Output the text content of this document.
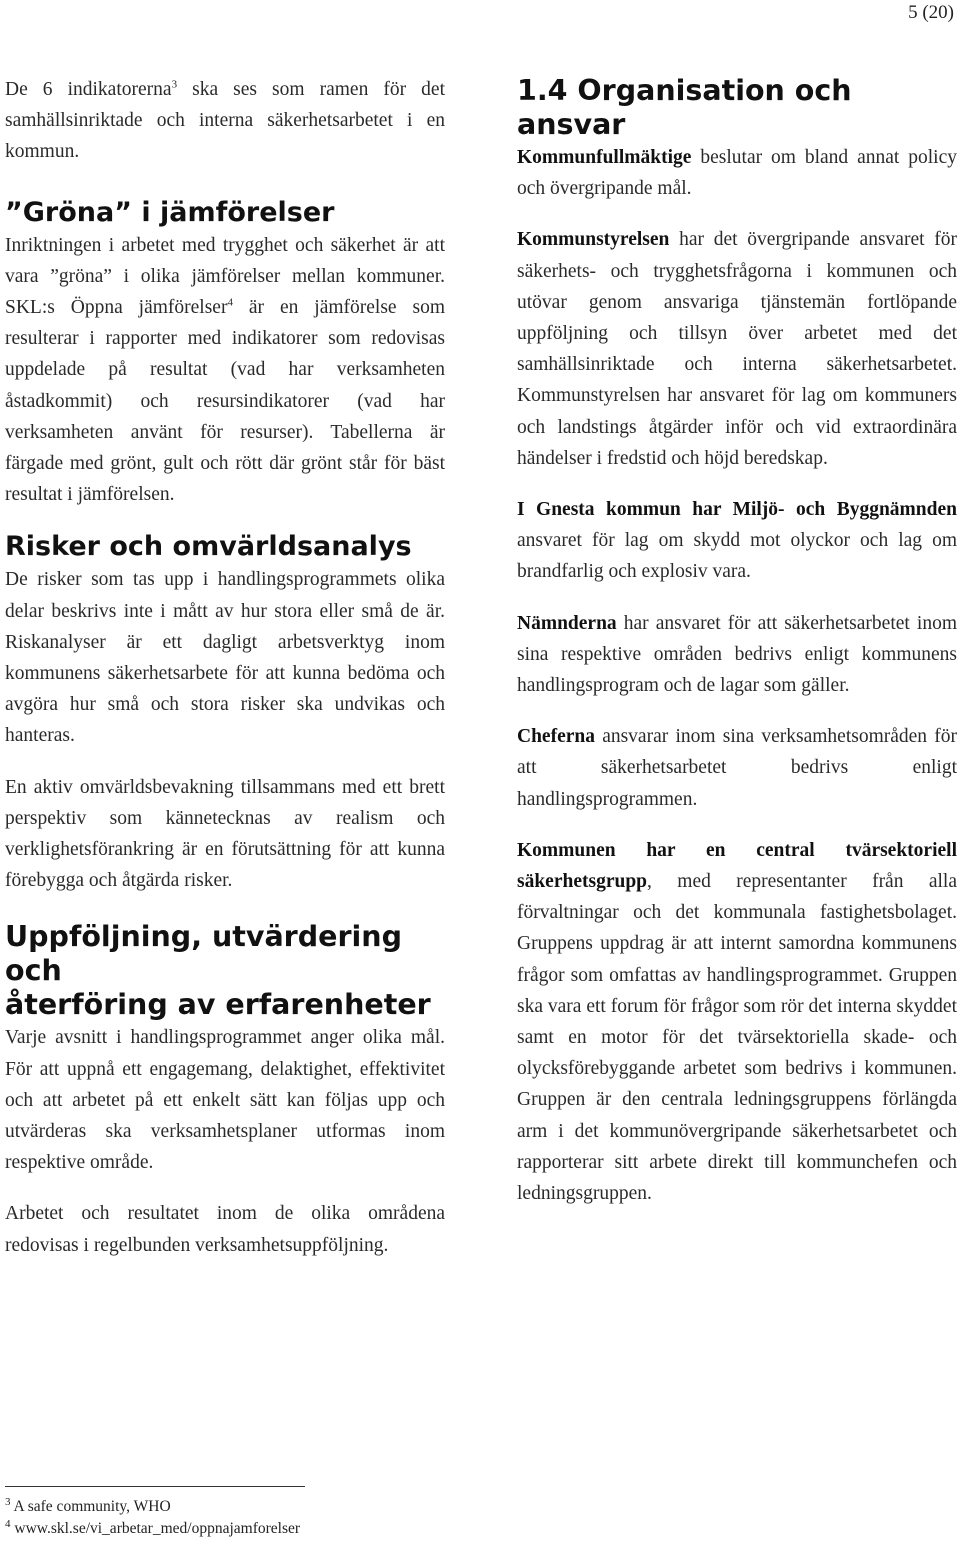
5 (20)

De 6 indikatorerna$^3$ ska ses som ramen för det samhällsinriktade och interna säkerhetsarbetet i en kommun.

”Gröna” i jämförelser

Inriktningen i arbetet med trygghet och säkerhet är att vara ”gröna” i olika jämförelser mellan kommuner. SKL:s Öppna jämförelser$^4$ är en jämförelse som resulterar i rapporter med indikatorer som redovisas uppdelade på resultat (vad har verksamheten åstadkommit) och resursindikatorer (vad har verksamheten använt för resurser). Tabellerna är färgade med grönt, gult och rött där grönt står för bäst resultat i jämförelsen.

Risker och omvärldsanalys

De risker som tas upp i handlingsprogrammets olika delar beskrivs inte i mått av hur stora eller små de är. Riskanalyser är ett dagligt arbetsverktyg inom kommunens säkerhetsarbete för att kunna bedöma och avgöra hur små och stora risker ska undvikas och hanteras.

En aktiv omvärldsbevakning tillsammans med ett brett perspektiv som kännetecknas av realism och verklighetsförankring är en förutsättning för att kunna förebygga och åtgärda risker.

Uppföljning, utvärdering och
återföring av erfarenheter

Varje avsnitt i handlingsprogrammet anger olika mål. För att uppnå ett engagemang, delaktighet, effektivitet och att arbetet på ett enkelt sätt kan följas upp och utvärderas ska verksamhetsplaner utformas inom respektive område.

Arbetet och resultatet inom de olika områdena redovisas i regelbunden verksamhetsuppföljning.

1.4 Organisation och ansvar

Kommunfullmäktige beslutar om bland annat policy och övergripande mål.

Kommunstyrelsen har det övergripande ansvaret för säkerhets- och trygghetsfrågorna i kommunen och utövar genom ansvariga tjänstemän fortlöpande uppföljning och tillsyn över arbetet med det samhällsinriktade och interna säkerhetsarbetet. Kommunstyrelsen har ansvaret för lag om kommuners och landstings åtgärder inför och vid extraordinära händelser i fredstid och höjd beredskap.

I Gnesta kommun har Miljö- och Byggnämnden ansvaret för lag om skydd mot olyckor och lag om brandfarlig och explosiv vara.

Nämnderna har ansvaret för att säkerhetsarbetet inom sina respektive områden bedrivs enligt kommunens handlingsprogram och de lagar som gäller.

Cheferna ansvarar inom sina verksamhetsområden för att säkerhetsarbetet bedrivs enligt handlingsprogrammen.

Kommunen har en central tvärsektoriell säkerhetsgrupp, med representanter från alla förvaltningar och det kommunala fastighetsbolaget. Gruppens uppdrag är att internt samordna kommunens frågor som omfattas av handlingsprogrammet. Gruppen ska vara ett forum för frågor som rör det interna skyddet samt en motor för det tvärsektoriella skade- och olycksförebyggande arbetet som bedrivs i kommunen. Gruppen är den centrala ledningsgruppens förlängda arm i det kommunövergripande säkerhetsarbetet och rapporterar sitt arbete direkt till kommunchefen och ledningsgruppen.

$^3$ A safe community, WHO
$^4$ www.skl.se/vi_arbetar_med/oppnajamforelser
